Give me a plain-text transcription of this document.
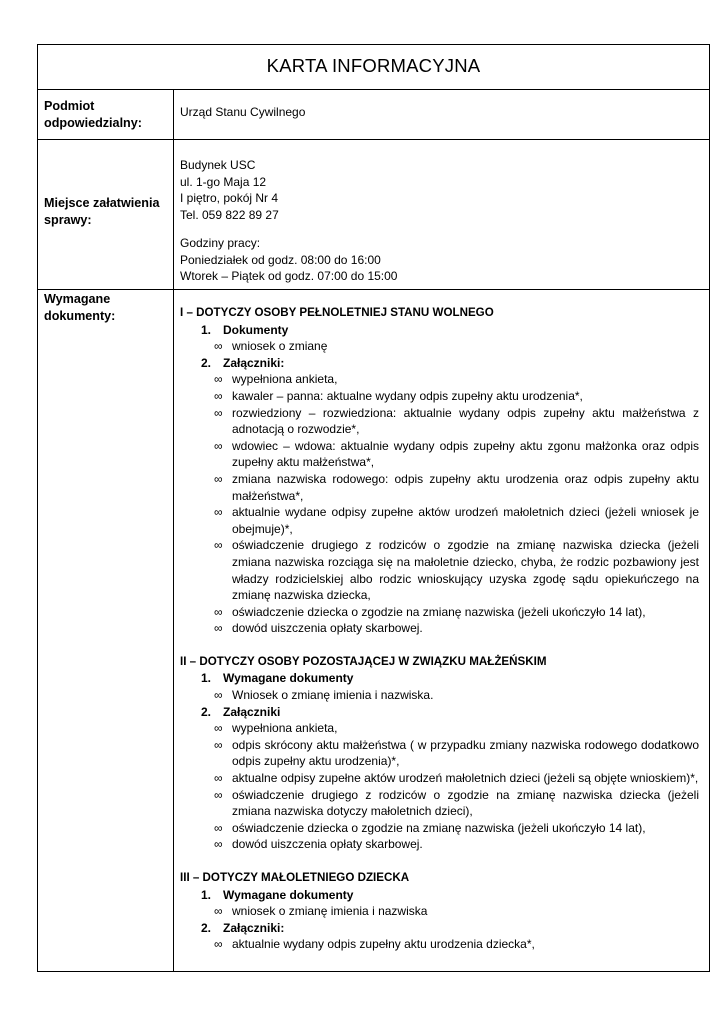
KARTA INFORMACYJNA
Podmiot
odpowiedzialny:
Urząd Stanu Cywilnego
Miejsce załatwienia
sprawy:
Budynek USC
ul. 1-go Maja 12
I piętro, pokój Nr 4
Tel. 059 822 89 27
Godziny pracy:
Poniedziałek od godz. 08:00 do 16:00
Wtorek – Piątek od godz. 07:00 do 15:00
Wymagane
dokumenty:	I – DOTYCZY OSOBY PEŁNOLETNIEJ STANU WOLNEGO
1. Dokumenty
∞ wniosek o zmianę
2. Załączniki:
∞ wypełniona ankieta,
∞ kawaler – panna: aktualne wydany odpis zupełny aktu urodzenia*,
∞ rozwiedziony – rozwiedziona: aktualnie wydany odpis zupełny aktu małżeństwa z adnotacją o rozwodzie*,
∞ wdowiec – wdowa: aktualnie wydany odpis zupełny aktu zgonu małżonka oraz odpis zupełny aktu małżeństwa*,
∞ zmiana nazwiska rodowego: odpis zupełny aktu urodzenia oraz odpis zupełny aktu małżeństwa*,
∞ aktualnie wydane odpisy zupełne aktów urodzeń małoletnich dzieci (jeżeli wniosek je obejmuje)*,
∞ oświadczenie drugiego z rodziców o zgodzie na zmianę nazwiska dziecka (jeżeli zmiana nazwiska rozciąga się na małoletnie dziecko, chyba, że rodzic pozbawiony jest władzy rodzicielskiej albo rodzic wnioskujący uzyska zgodę sądu opiekuńczego na zmianę nazwiska dziecka,
∞ oświadczenie dziecka o zgodzie na zmianę nazwiska (jeżeli ukończyło 14 lat),
∞ dowód uiszczenia opłaty skarbowej.
II – DOTYCZY OSOBY POZOSTAJĄCEJ W ZWIĄZKU MAŁŻEŃSKIM
1. Wymagane dokumenty
∞ Wniosek o zmianę imienia i nazwiska.
2. Załączniki
∞ wypełniona ankieta,
∞ odpis skrócony aktu małżeństwa ( w przypadku zmiany nazwiska rodowego dodatkowo odpis zupełny aktu urodzenia)*,
∞ aktualne odpisy zupełne aktów urodzeń małoletnich dzieci (jeżeli są objęte wnioskiem)*,
∞ oświadczenie drugiego z rodziców o zgodzie na zmianę nazwiska dziecka (jeżeli zmiana nazwiska dotyczy małoletnich dzieci),
∞ oświadczenie dziecka o zgodzie na zmianę nazwiska (jeżeli ukończyło 14 lat),
∞ dowód uiszczenia opłaty skarbowej.
III – DOTYCZY MAŁOLETNIEGO DZIECKA
1. Wymagane dokumenty
∞ wniosek o zmianę imienia i nazwiska
2. Załączniki:
∞ aktualnie wydany odpis zupełny aktu urodzenia dziecka*,
